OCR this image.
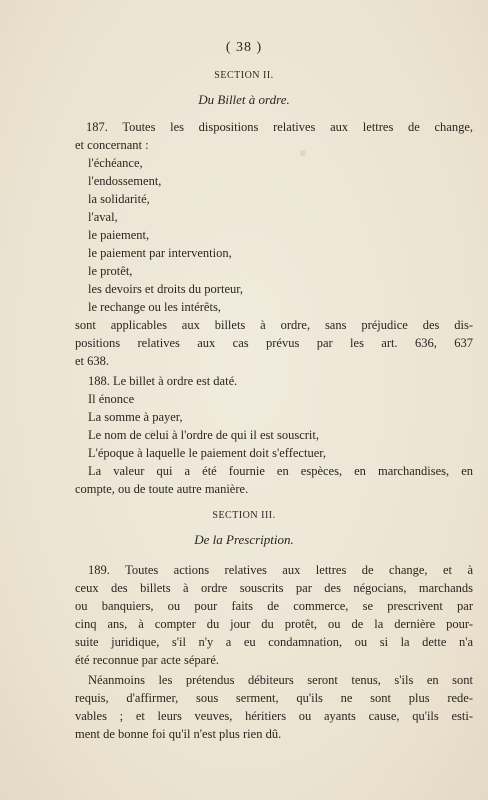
( 38 )
SECTION II.
Du Billet à ordre.
187. Toutes les dispositions relatives aux lettres de change,
et concernant :
l'échéance,
l'endossement,
la solidarité,
l'aval,
le paiement,
le paiement par intervention,
le protêt,
les devoirs et droits du porteur,
le rechange ou les intérêts,
sont applicables aux billets à ordre, sans préjudice des dis-
positions relatives aux cas prévus par les art. 636, 637
et 638.
188. Le billet à ordre est daté.
Il énonce
La somme à payer,
Le nom de celui à l'ordre de qui il est souscrit,
L'époque à laquelle le paiement doit s'effectuer,
La valeur qui a été fournie en espèces, en marchandises, en
compte, ou de toute autre manière.
SECTION III.
De la Prescription.
189. Toutes actions relatives aux lettres de change, et à
ceux des billets à ordre souscrits par des négocians, marchands
ou banquiers, ou pour faits de commerce, se prescrivent par
cinq ans, à compter du jour du protêt, ou de la dernière pour-
suite juridique, s'il n'y a eu condamnation, ou si la dette n'a
été reconnue par acte séparé.
Néanmoins les prétendus débiteurs seront tenus, s'ils en sont
requis, d'affirmer, sous serment, qu'ils ne sont plus rede-
vables ; et leurs veuves, héritiers ou ayants cause, qu'ils esti-
ment de bonne foi qu'il n'est plus rien dû.
